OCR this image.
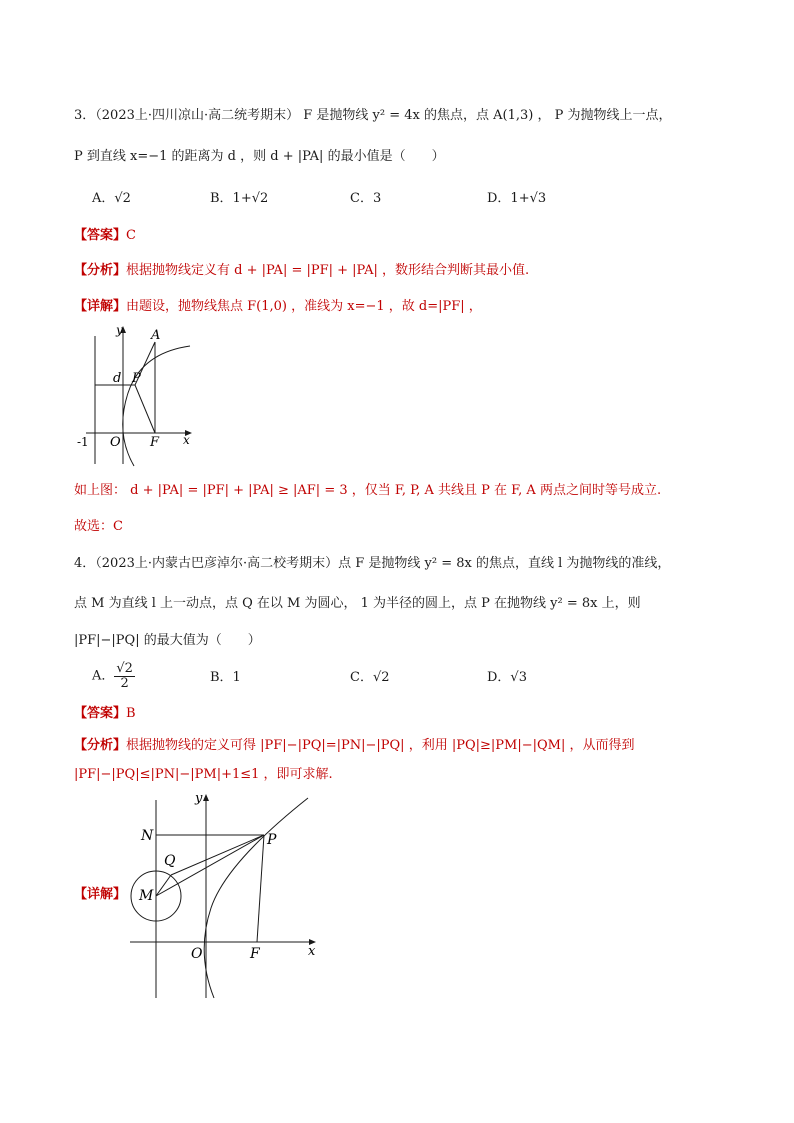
3．（2023上·四川凉山·高二统考期末） F 是抛物线 y² = 4x 的焦点，点 A(1,3) ， P 为抛物线上一点，
P 到直线 x=−1 的距离为 d ，则 d + |PA| 的最小值是（　　）
A．√2	B．1+√2	C．3	D．1+√3
【答案】C
【分析】根据抛物线定义有 d + |PA| = |PF| + |PA| ，数形结合判断其最小值.
【详解】由题设，抛物线焦点 F(1,0) ，准线为 x=−1 ，故 d=|PF| ，
y A
d P
-1 O F x
如上图： d + |PA| = |PF| + |PA| ≥ |AF| = 3 ，仅当 F, P, A 共线且 P 在 F, A 两点之间时等号成立.
故选：C
4．（2023上·内蒙古巴彦淖尔·高二校考期末）点 F 是抛物线 y² = 8x 的焦点，直线 l 为抛物线的准线，
点 M 为直线 l 上一动点，点 Q 在以 M 为圆心， 1 为半径的圆上，点 P 在抛物线 y² = 8x 上，则
|PF|−|PQ| 的最大值为（　　）
A． $\frac{√2}{2}$	B．1	C．√2	D．√3
【答案】B
【分析】根据抛物线的定义可得 |PF|−|PQ|=|PN|−|PQ| ，利用 |PQ|≥|PM|−|QM| ，从而得到
|PF|−|PQ|≤|PN|−|PM|+1≤1 ，即可求解.
【详解】
y
N	P
Q
M
O	F	x
